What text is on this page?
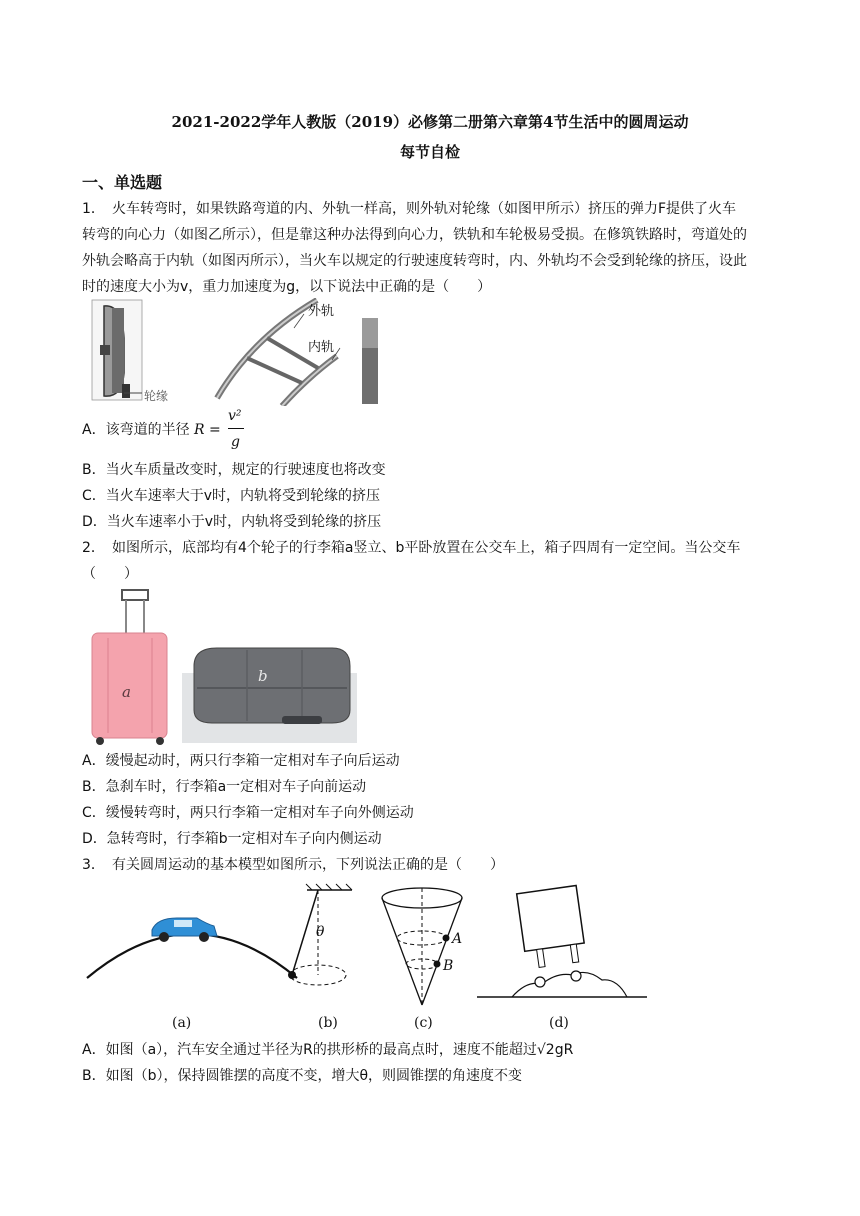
2021-2022学年人教版（2019）必修第二册第六章第4节生活中的圆周运动
每节自检
一、单选题
1． 火车转弯时，如果铁路弯道的内、外轨一样高，则外轨对轮缘（如图甲所示）挤压的弹力F提供了火车
转弯的向心力（如图乙所示），但是靠这种办法得到向心力，铁轨和车轮极易受损。在修筑铁路时，弯道处的
外轨会略高于内轨（如图丙所示），当火车以规定的行驶速度转弯时，内、外轨均不会受到轮缘的挤压，设此
时的速度大小为v，重力加速度为g，以下说法中正确的是（　　）
外轨
内轨
轮缘
A．该弯道的半径 R =
v²
g
B．当火车质量改变时，规定的行驶速度也将改变
C．当火车速率大于v时，内轨将受到轮缘的挤压
D．当火车速率小于v时，内轨将受到轮缘的挤压
2． 如图所示，底部均有4个轮子的行李箱a竖立、b平卧放置在公交车上，箱子四周有一定空间。当公交车
（　　）
a
b
A．缓慢起动时，两只行李箱一定相对车子向后运动
B．急刹车时，行李箱a一定相对车子向前运动
C．缓慢转弯时，两只行李箱一定相对车子向外侧运动
D．急转弯时，行李箱b一定相对车子向内侧运动
3． 有关圆周运动的基本模型如图所示，下列说法正确的是（　　）
θ	A
B
(a)	(b)	(c)	(d)
A．如图（a），汽车安全通过半径为R的拱形桥的最高点时，速度不能超过√2gR
B．如图（b），保持圆锥摆的高度不变，增大θ，则圆锥摆的角速度不变
